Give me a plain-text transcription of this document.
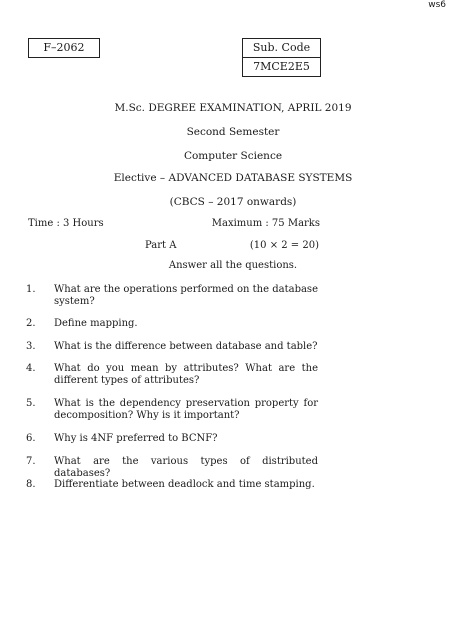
ws6
F–2062	Sub. Code
7MCE2E5
M.Sc. DEGREE EXAMINATION, APRIL 2019
Second Semester
Computer Science
Elective – ADVANCED DATABASE SYSTEMS
(CBCS – 2017 onwards)
Time : 3 Hours	Maximum : 75 Marks
Part A	(10 × 2 = 20)
Answer all the questions.
1.	What are the operations performed on the database system?
2.	Define mapping.
3.	What is the difference between database and table?
4.	What do you mean by attributes? What are the different types of attributes?
5.	What is the dependency preservation property for decomposition? Why is it important?
6.	Why is 4NF preferred to BCNF?
7.	What are the various types of distributed databases?
8.	Differentiate between deadlock and time stamping.
